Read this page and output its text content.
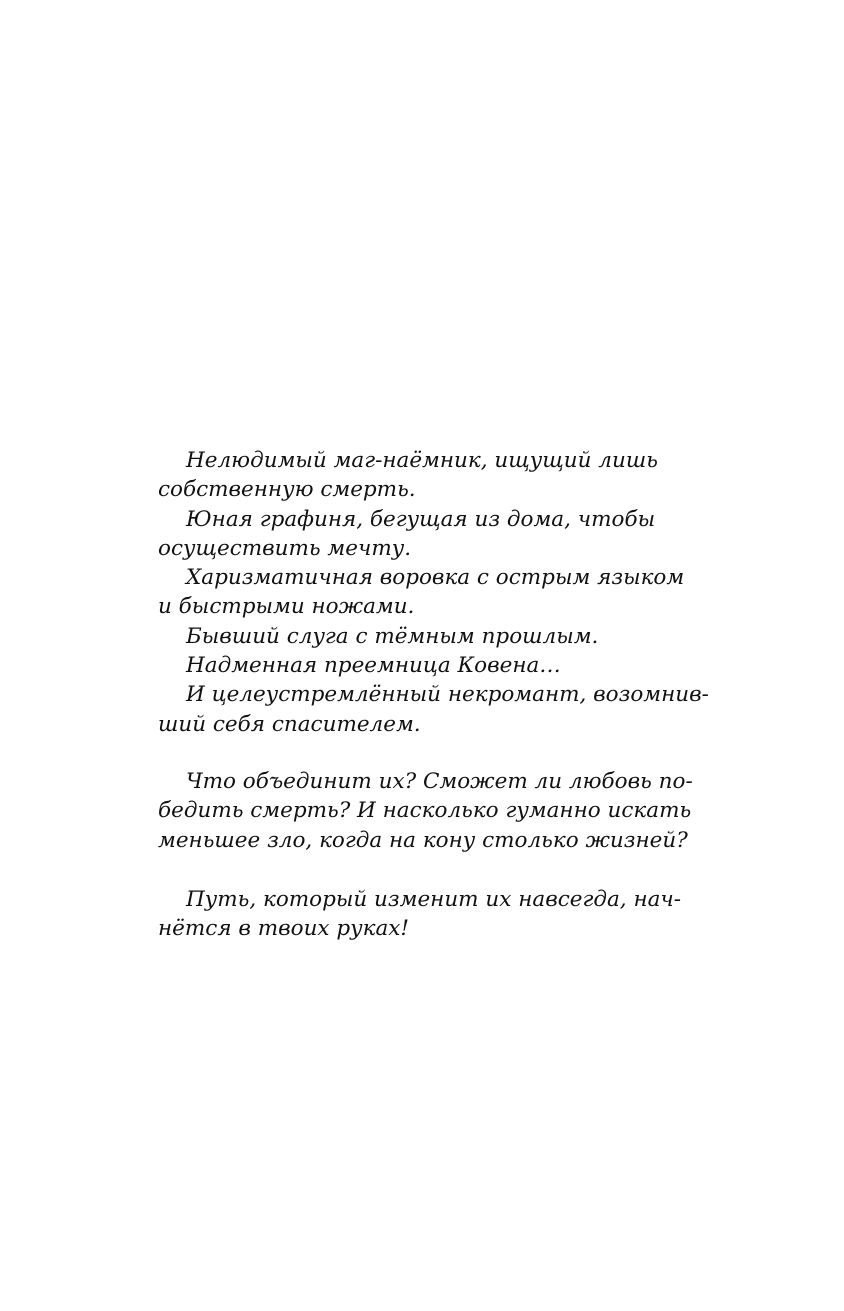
Нелюдимый маг-наёмник, ищущий лишь
собственную смерть.
Юная графиня, бегущая из дома, чтобы
осуществить мечту.
Харизматичная воровка с острым языком
и быстрыми ножами.
Бывший слуга с тёмным прошлым.
Надменная преемница Ковена…
И целеустремлённый некромант, возомнив-
ший себя спасителем.
Что объединит их? Сможет ли любовь по-
бедить смерть? И насколько гуманно искать
меньшее зло, когда на кону столько жизней?
Путь, который изменит их навсегда, нач-
нётся в твоих руках!
